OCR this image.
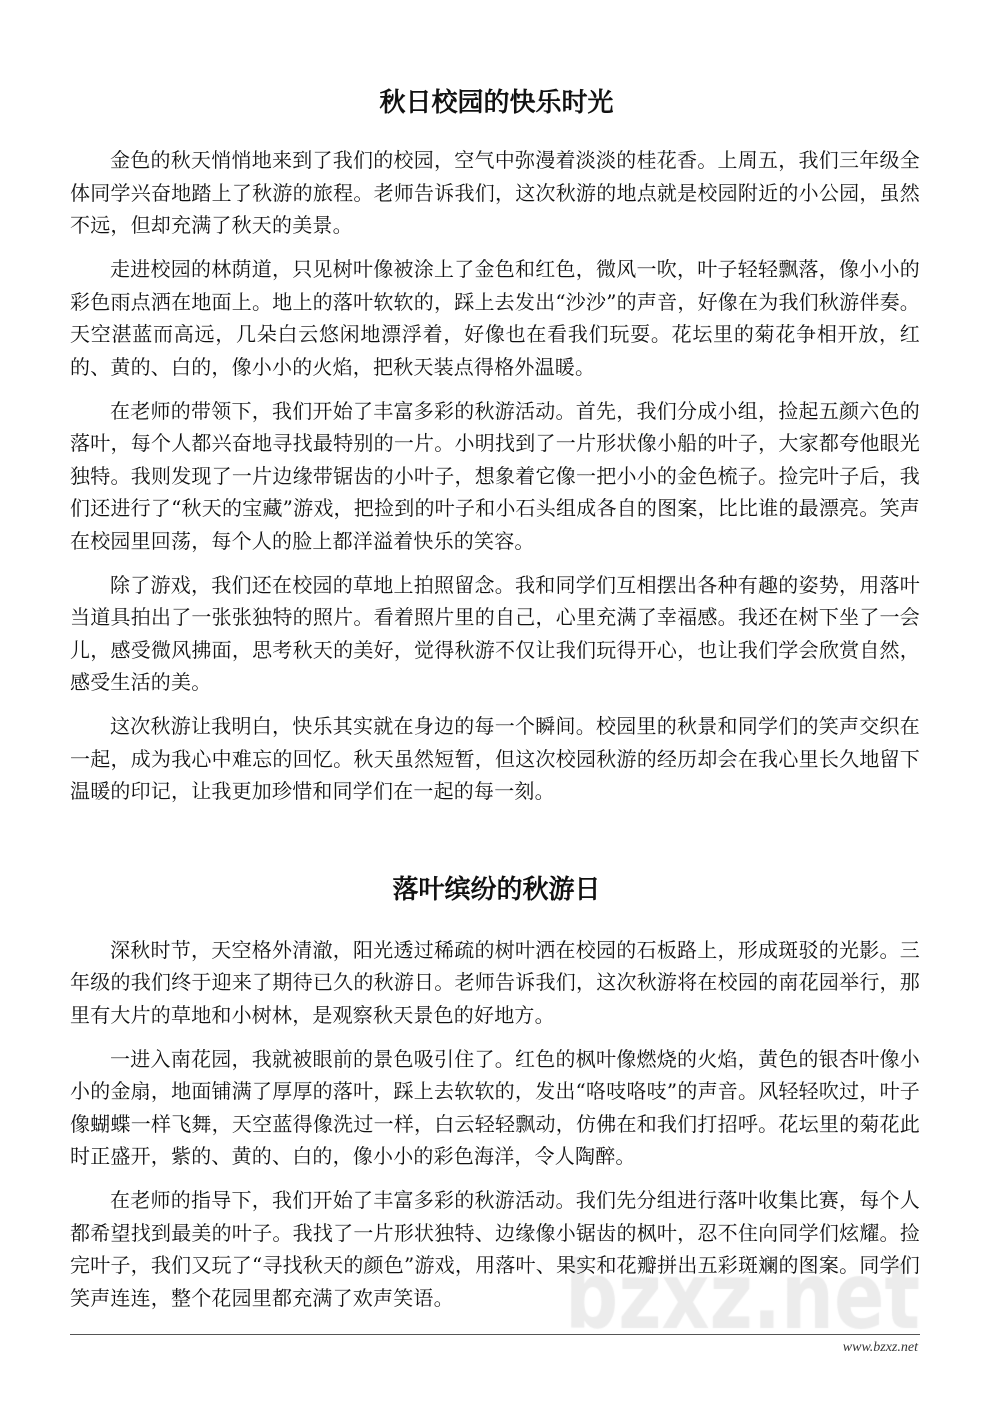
秋日校园的快乐时光

金色的秋天悄悄地来到了我们的校园，空气中弥漫着淡淡的桂花香。上周五，我们三年级全体同学兴奋地踏上了秋游的旅程。老师告诉我们，这次秋游的地点就是校园附近的小公园，虽然不远，但却充满了秋天的美景。

走进校园的林荫道，只见树叶像被涂上了金色和红色，微风一吹，叶子轻轻飘落，像小小的彩色雨点洒在地面上。地上的落叶软软的，踩上去发出“沙沙”的声音，好像在为我们秋游伴奏。天空湛蓝而高远，几朵白云悠闲地漂浮着，好像也在看我们玩耍。花坛里的菊花争相开放，红的、黄的、白的，像小小的火焰，把秋天装点得格外温暖。

在老师的带领下，我们开始了丰富多彩的秋游活动。首先，我们分成小组，捡起五颜六色的落叶，每个人都兴奋地寻找最特别的一片。小明找到了一片形状像小船的叶子，大家都夸他眼光独特。我则发现了一片边缘带锯齿的小叶子，想象着它像一把小小的金色梳子。捡完叶子后，我们还进行了“秋天的宝藏”游戏，把捡到的叶子和小石头组成各自的图案，比比谁的最漂亮。笑声在校园里回荡，每个人的脸上都洋溢着快乐的笑容。

除了游戏，我们还在校园的草地上拍照留念。我和同学们互相摆出各种有趣的姿势，用落叶当道具拍出了一张张独特的照片。看着照片里的自己，心里充满了幸福感。我还在树下坐了一会儿，感受微风拂面，思考秋天的美好，觉得秋游不仅让我们玩得开心，也让我们学会欣赏自然，感受生活的美。

这次秋游让我明白，快乐其实就在身边的每一个瞬间。校园里的秋景和同学们的笑声交织在一起，成为我心中难忘的回忆。秋天虽然短暂，但这次校园秋游的经历却会在我心里长久地留下温暖的印记，让我更加珍惜和同学们在一起的每一刻。

落叶缤纷的秋游日

深秋时节，天空格外清澈，阳光透过稀疏的树叶洒在校园的石板路上，形成斑驳的光影。三年级的我们终于迎来了期待已久的秋游日。老师告诉我们，这次秋游将在校园的南花园举行，那里有大片的草地和小树林，是观察秋天景色的好地方。

一进入南花园，我就被眼前的景色吸引住了。红色的枫叶像燃烧的火焰，黄色的银杏叶像小小的金扇，地面铺满了厚厚的落叶，踩上去软软的，发出“咯吱咯吱”的声音。风轻轻吹过，叶子像蝴蝶一样飞舞，天空蓝得像洗过一样，白云轻轻飘动，仿佛在和我们打招呼。花坛里的菊花此时正盛开，紫的、黄的、白的，像小小的彩色海洋，令人陶醉。

在老师的指导下，我们开始了丰富多彩的秋游活动。我们先分组进行落叶收集比赛，每个人都希望找到最美的叶子。我找了一片形状独特、边缘像小锯齿的枫叶，忍不住向同学们炫耀。捡完叶子，我们又玩了“寻找秋天的颜色”游戏，用落叶、果实和花瓣拼出五彩斑斓的图案。同学们笑声连连，整个花园里都充满了欢声笑语。

www.bzxz.net
